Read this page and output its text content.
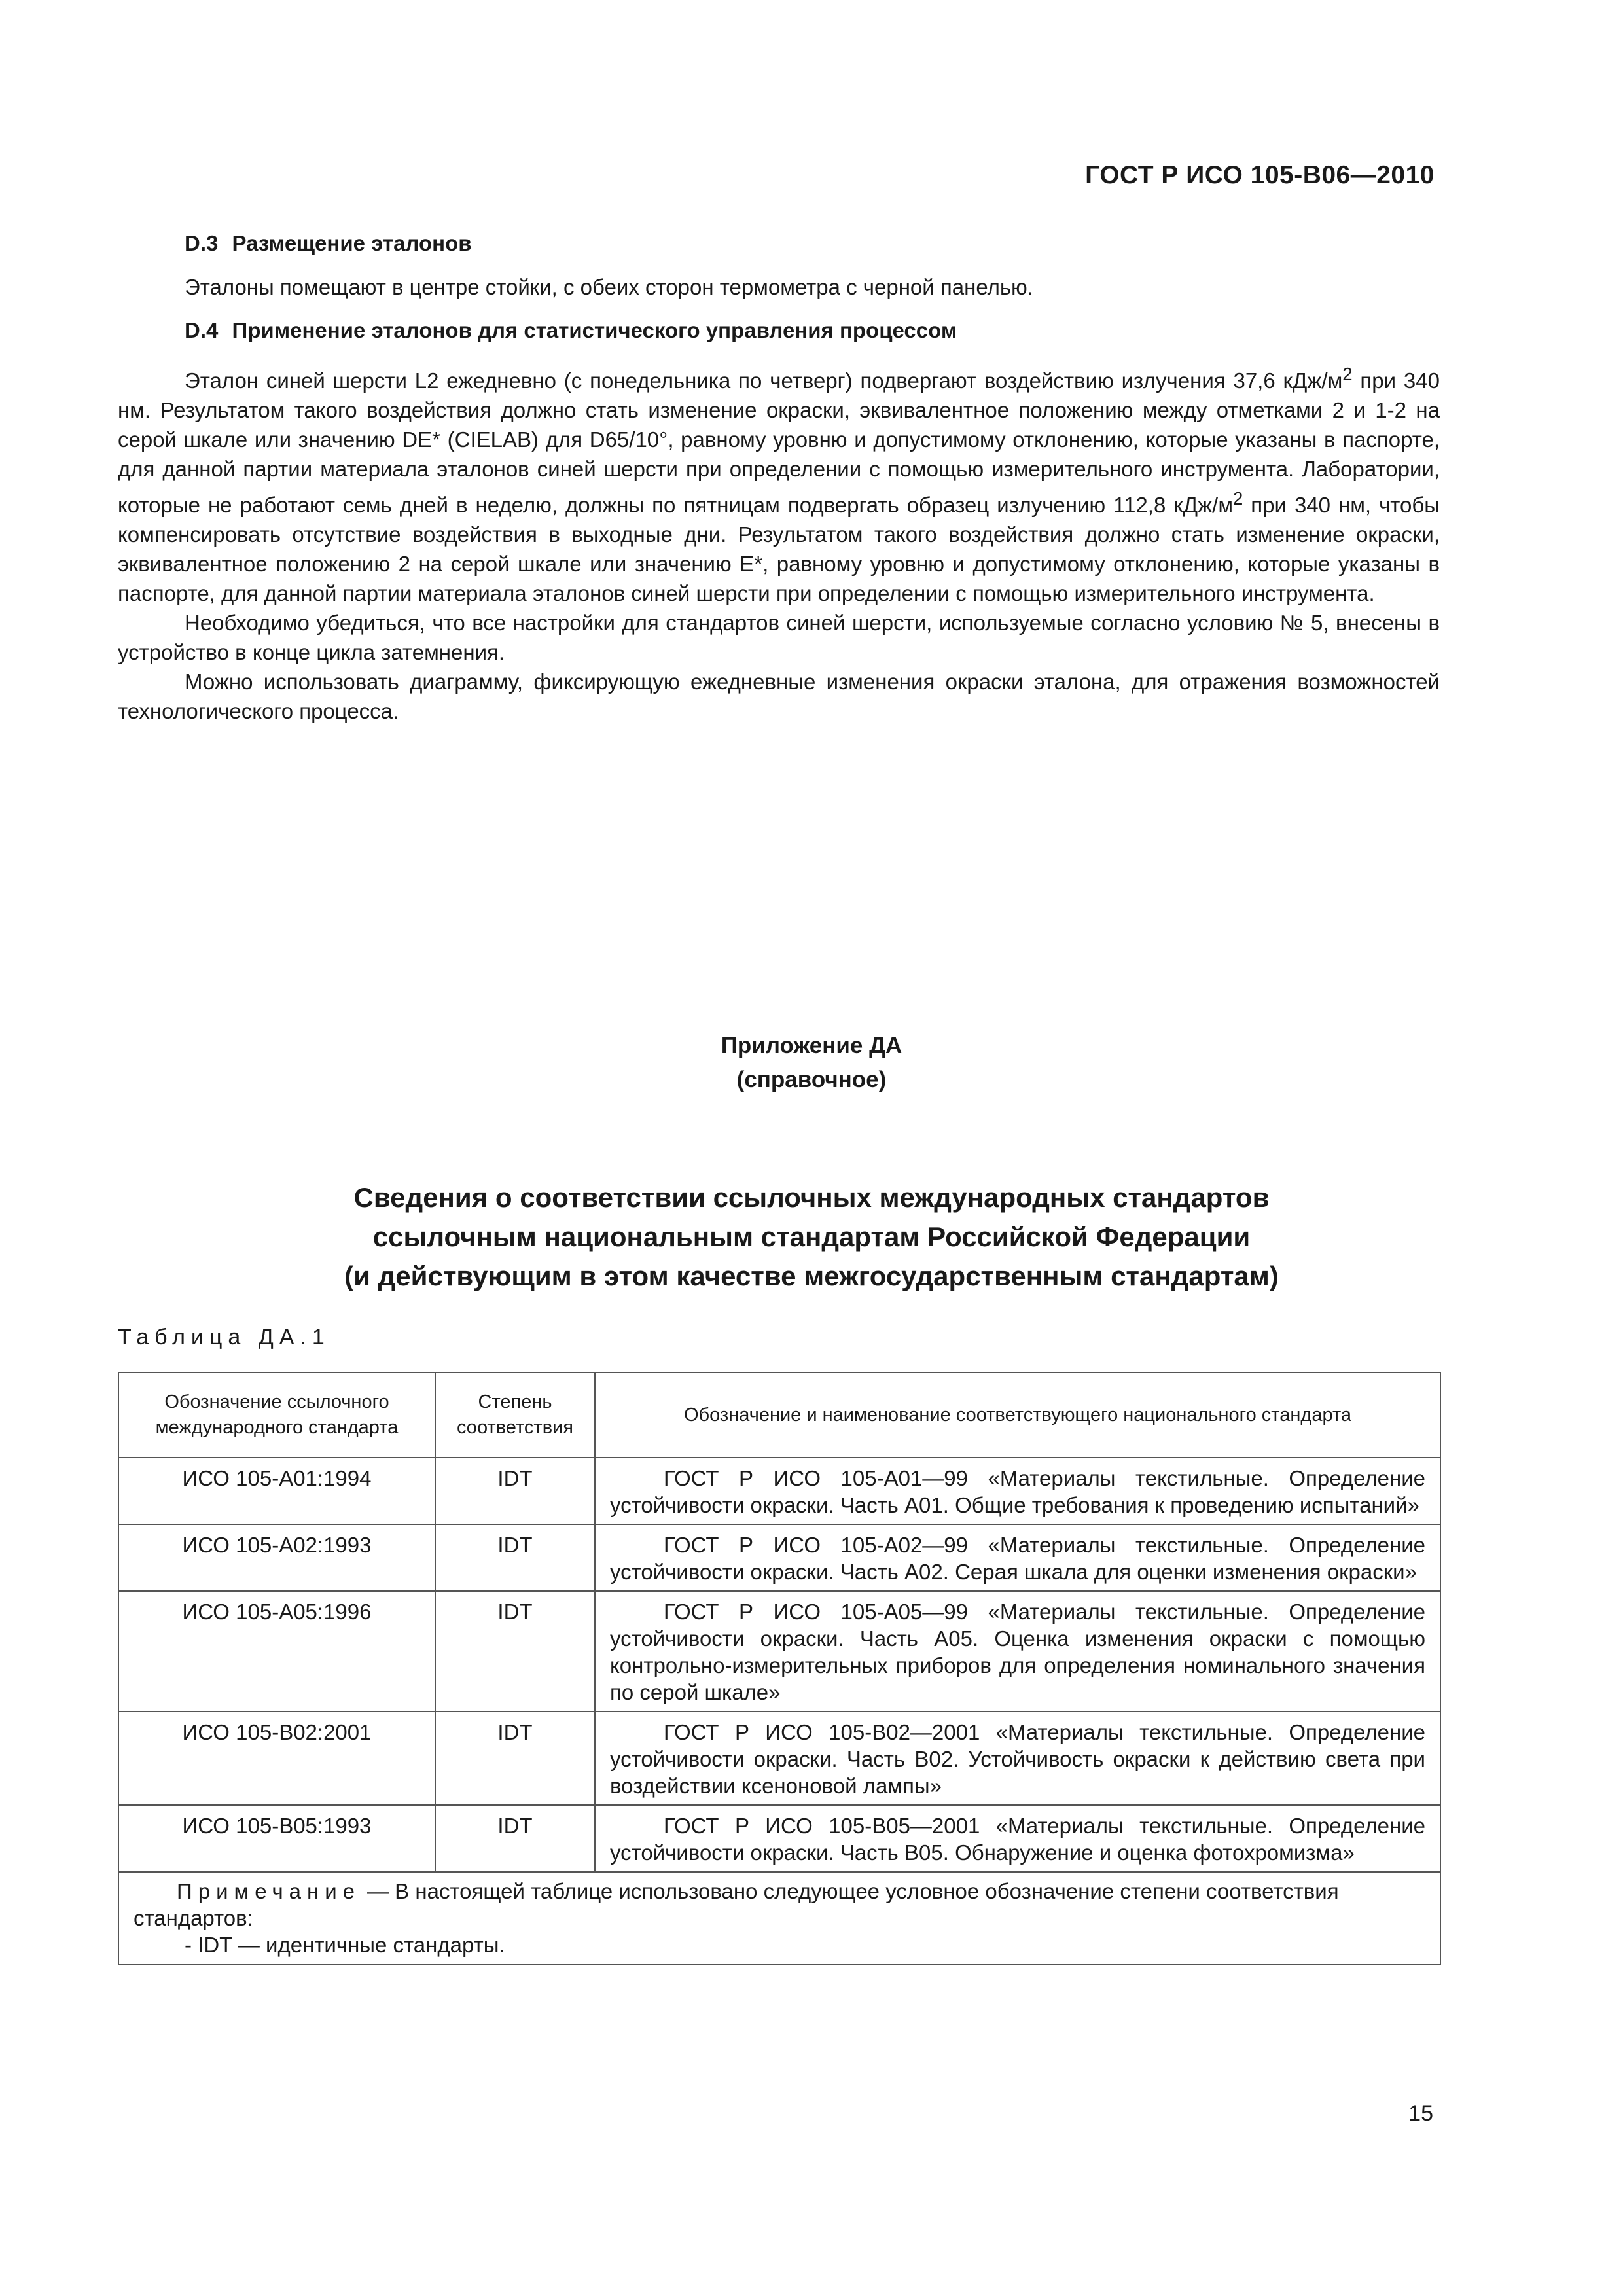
ГОСТ Р ИСО 105-В06—2010
D.3 Размещение эталонов

Эталоны помещают в центре стойки, с обеих сторон термометра с черной панелью.

D.4 Применение эталонов для статистического управления процессом

Эталон синей шерсти L2 ежедневно (с понедельника по четверг) подвергают воздействию излучения 37,6 кДж/$м^2$ при 340 нм. Результатом такого воздействия должно стать изменение окраски, эквивалентное положению между отметками 2 и 1-2 на серой шкале или значению DE* (CIELAB) для D65/10°, равному уровню и допустимому отклонению, которые указаны в паспорте, для данной партии материала эталонов синей шерсти при определении с помощью измерительного инструмента. Лаборатории, которые не работают семь дней в неделю, должны по пятницам подвергать образец излучению 112,8 кДж/$м^2$ при 340 нм, чтобы компенсировать отсутствие воздействия в выходные дни. Результатом такого воздействия должно стать изменение окраски, эквивалентное положению 2 на серой шкале или значению E*, равному уровню и допустимому отклонению, которые указаны в паспорте, для данной партии материала эталонов синей шерсти при определении с помощью измерительного инструмента.

Необходимо убедиться, что все настройки для стандартов синей шерсти, используемые согласно условию № 5, внесены в устройство в конце цикла затемнения.

Можно использовать диаграмму, фиксирующую ежедневные изменения окраски эталона, для отражения возможностей технологического процесса.

Приложение ДА
(справочное)
Сведения о соответствии ссылочных международных стандартов
ссылочным национальным стандартам Российской Федерации
(и действующим в этом качестве межгосударственным стандартам)
Таблица ДА.1
Обозначение ссылочного международного стандарта	Степень соответствия	Обозначение и наименование соответствующего национального стандарта
ИСО 105-A01:1994	IDT	ГОСТ Р ИСО 105-А01—99 «Материалы текстильные. Определение устойчивости окраски. Часть А01. Общие требования к проведению испытаний»

ИСО 105-A02:1993	IDT	ГОСТ Р ИСО 105-А02—99 «Материалы текстильные. Определение устойчивости окраски. Часть А02. Серая шкала для оценки изменения окраски»

ИСО 105-A05:1996	IDT	ГОСТ Р ИСО 105-А05—99 «Материалы текстильные. Определение устойчивости окраски. Часть А05. Оценка изменения окраски с помощью контрольно-измерительных приборов для определения номинального значения по серой шкале»

ИСО 105-B02:2001	IDT	ГОСТ Р ИСО 105-В02—2001 «Материалы текстильные. Определение устойчивости окраски. Часть В02. Устойчивость окраски к действию света при воздействии ксеноновой лампы»

ИСО 105-B05:1993	IDT	ГОСТ Р ИСО 105-В05—2001 «Материалы текстильные. Определение устойчивости окраски. Часть В05. Обнаружение и оценка фотохромизма»

Примечание — В настоящей таблице использовано следующее условное обозначение степени соответствия стандартов:
- IDT — идентичные стандарты.		
15
